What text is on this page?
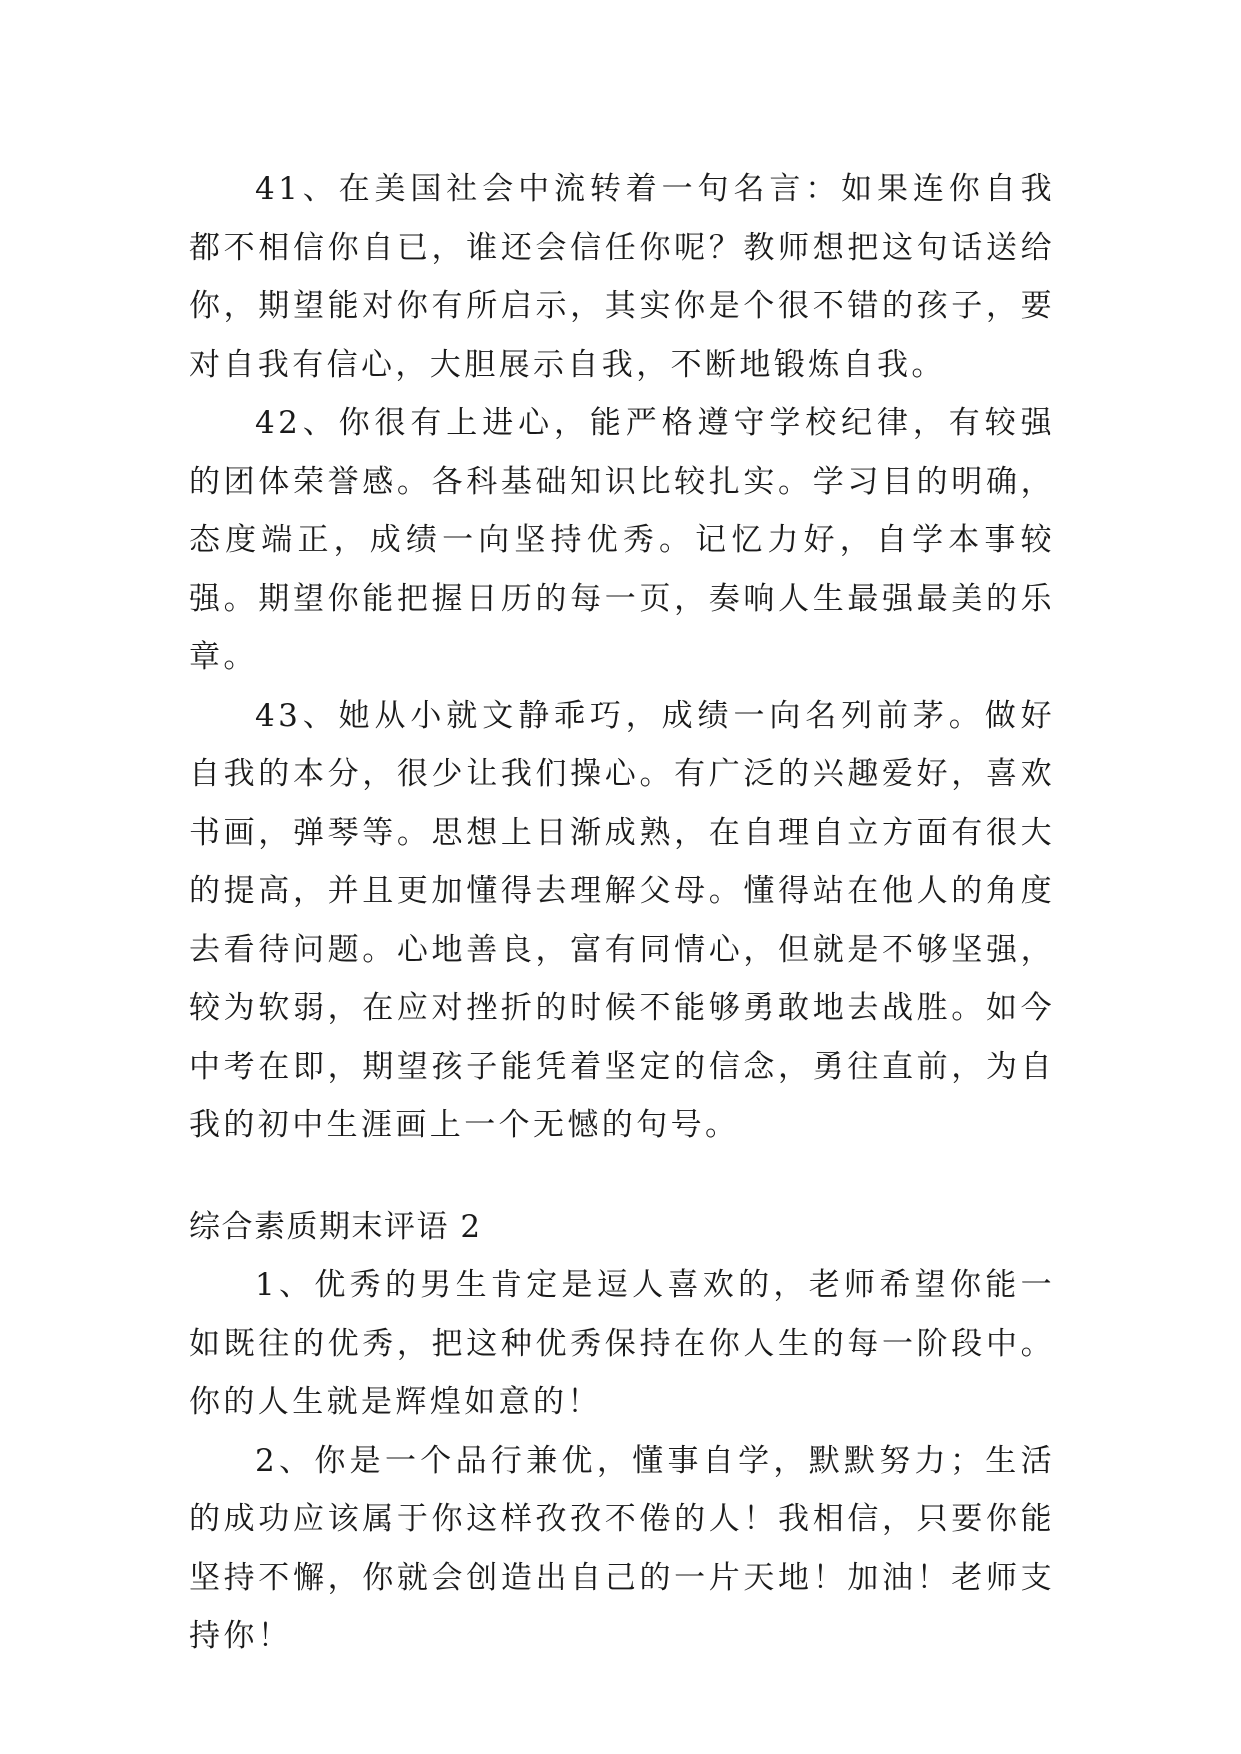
41、在美国社会中流转着一句名言：如果连你自我都不相信你自已，谁还会信任你呢？教师想把这句话送给你，期望能对你有所启示，其实你是个很不错的孩子，要对自我有信心，大胆展示自我，不断地锻炼自我。

42、你很有上进心，能严格遵守学校纪律，有较强的团体荣誉感。各科基础知识比较扎实。学习目的明确，态度端正，成绩一向坚持优秀。记忆力好，自学本事较强。期望你能把握日历的每一页，奏响人生最强最美的乐章。

43、她从小就文静乖巧，成绩一向名列前茅。做好自我的本分，很少让我们操心。有广泛的兴趣爱好，喜欢书画，弹琴等。思想上日渐成熟，在自理自立方面有很大的提高，并且更加懂得去理解父母。懂得站在他人的角度去看待问题。心地善良，富有同情心，但就是不够坚强，较为软弱，在应对挫折的时候不能够勇敢地去战胜。如今中考在即，期望孩子能凭着坚定的信念，勇往直前，为自我的初中生涯画上一个无憾的句号。

综合素质期末评语 2

1、优秀的男生肯定是逗人喜欢的，老师希望你能一如既往的优秀，把这种优秀保持在你人生的每一阶段中。你的人生就是辉煌如意的！

2、你是一个品行兼优，懂事自学，默默努力；生活的成功应该属于你这样孜孜不倦的人！我相信，只要你能坚持不懈，你就会创造出自己的一片天地！加油！老师支持你！
